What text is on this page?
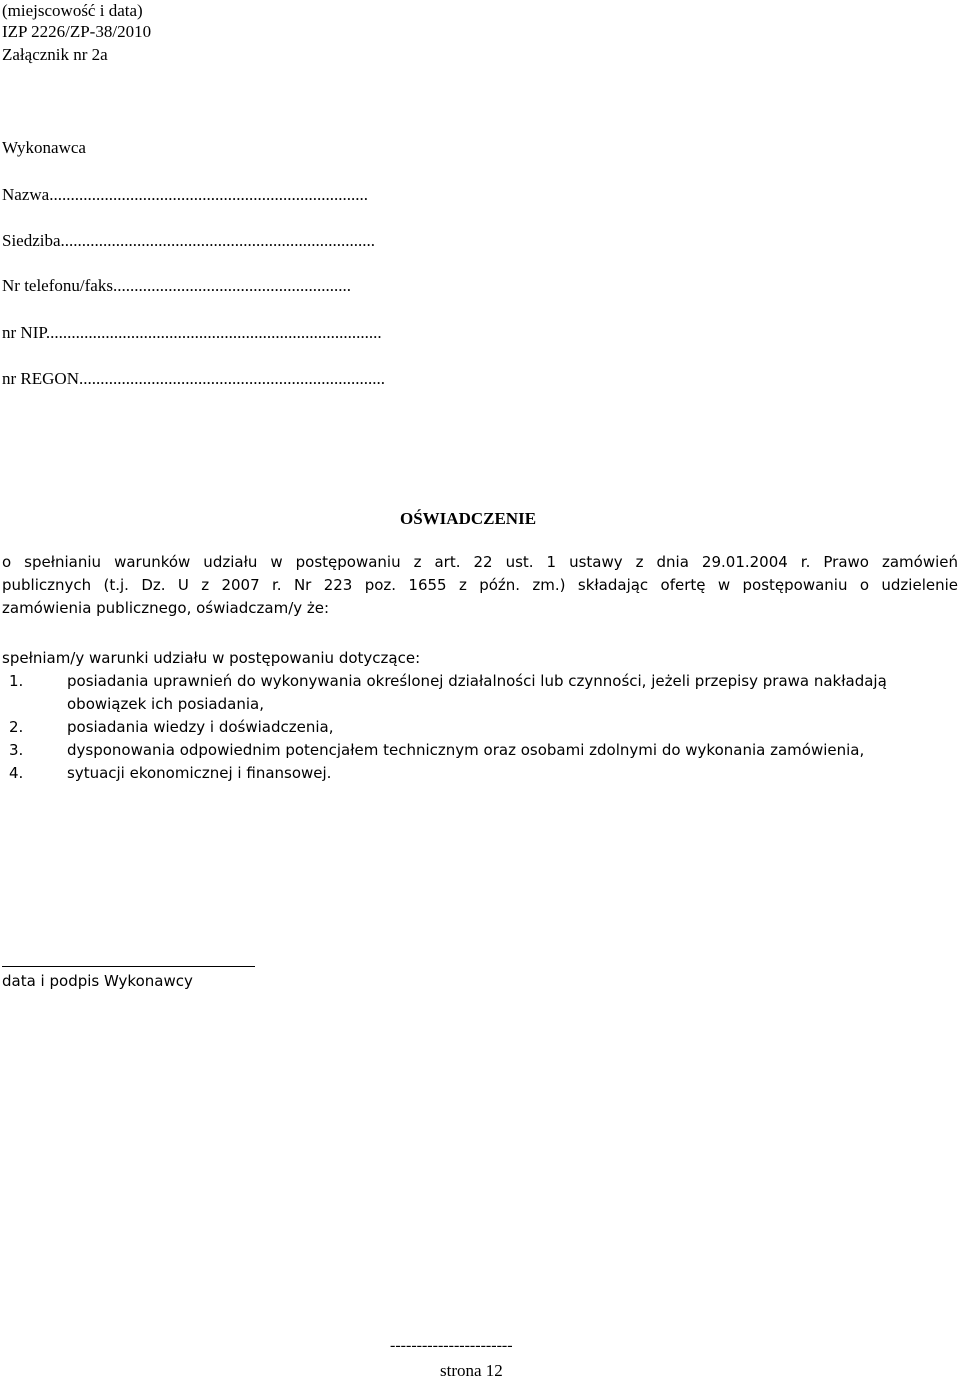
(miejscowość i data)
IZP 2226/ZP-38/2010
Załącznik nr 2a
Wykonawca
Nazwa...........................................................................
Siedziba..........................................................................
Nr telefonu/faks........................................................
nr NIP...............................................................................
nr REGON........................................................................
OŚWIADCZENIE
o spełnianiu warunków udziału w postępowaniu z art. 22 ust. 1 ustawy z dnia 29.01.2004 r. Prawo zamówień
publicznych (t.j. Dz. U z 2007 r. Nr 223 poz. 1655 z późn. zm.) składając ofertę w postępowaniu o udzielenie
zamówienia publicznego, oświadczam/y że:
spełniam/y warunki udziału w postępowaniu dotyczące:
1.	posiadania uprawnień do wykonywania określonej działalności lub czynności, jeżeli przepisy prawa nakładają
obowiązek ich posiadania,
2.	posiadania wiedzy i doświadczenia,
3.	dysponowania odpowiednim potencjałem technicznym oraz osobami zdolnymi do wykonania zamówienia,
4.	sytuacji ekonomicznej i finansowej.
data i podpis Wykonawcy
-----------------------
strona 12
